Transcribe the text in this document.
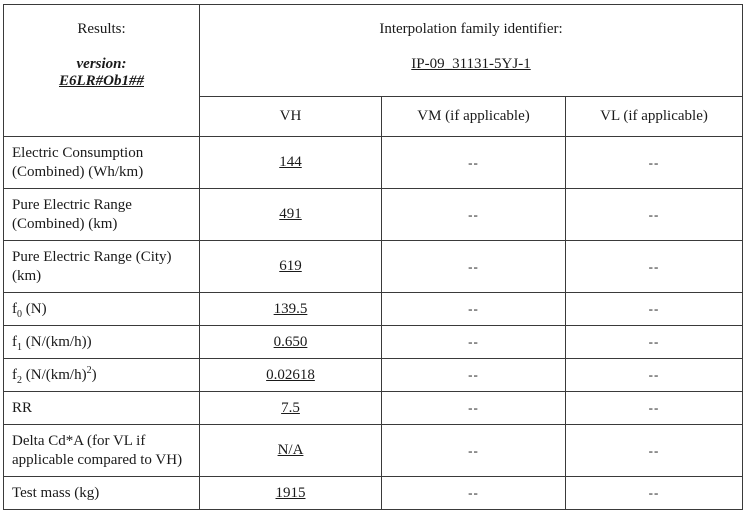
Results:
version:
E6LR#Ob1##	Interpolation family identifier:
IP-09_31131-5YJ-1		

	VH	VM (if applicable)	VL (if applicable)
Electric Consumption
(Combined) (Wh/km)	144	--	--
Pure Electric Range
(Combined) (km)	491	--	--
Pure Electric Range (City)
(km)	619	--	--
$f_0$ (N)	139.5	--	--
$f_1$ (N/(km/h))	0.650	--	--
$f_2$ $(N/(km/h)^2)$	0.02618	--	--
RR	7.5	--	--
Delta Cd*A (for VL if
applicable compared to VH)	N/A	--	--
Test mass (kg)	1915	--	--
